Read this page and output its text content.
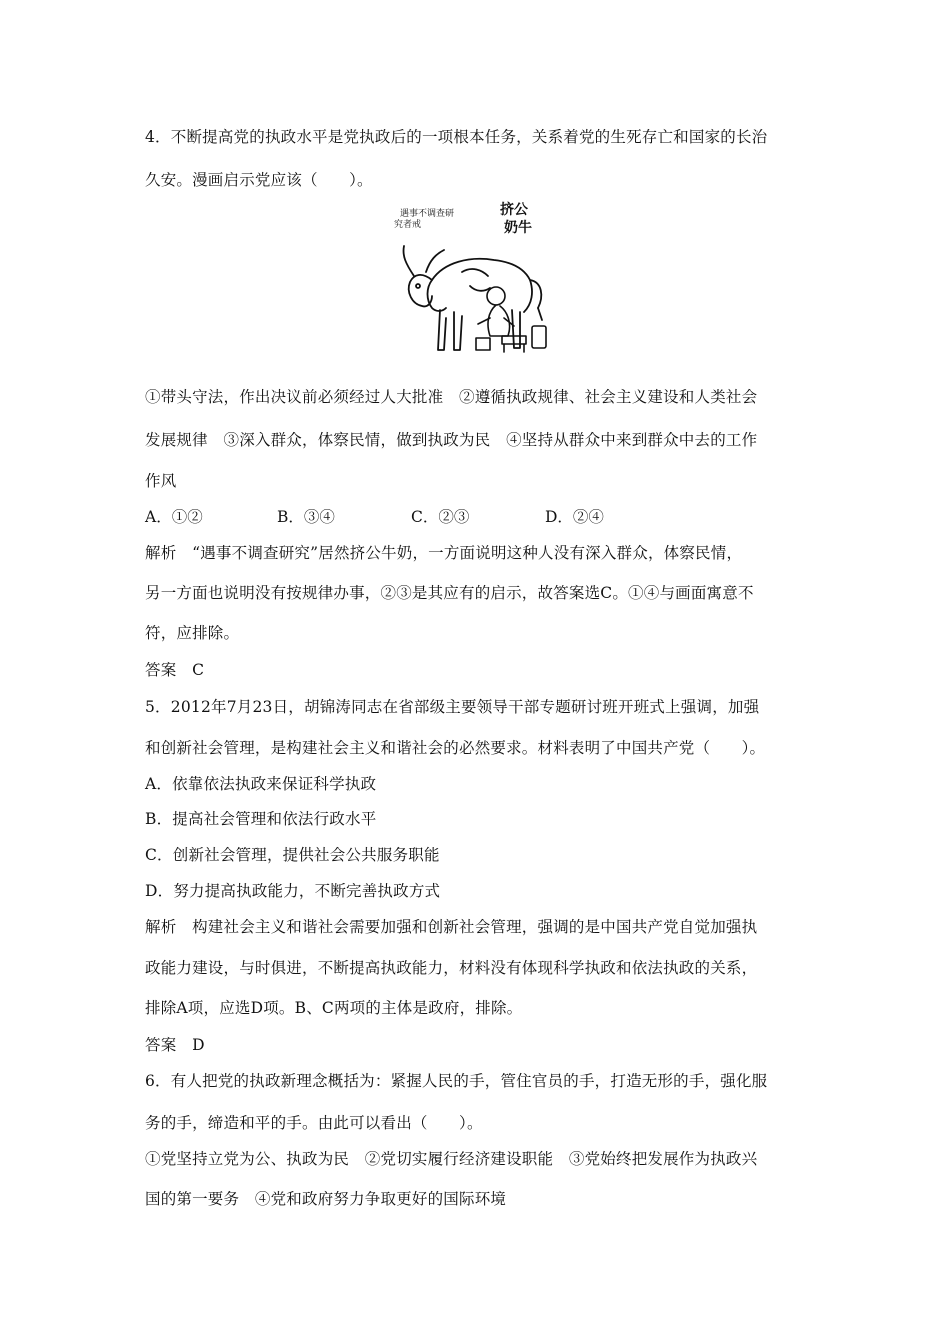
4．不断提高党的执政水平是党执政后的一项根本任务，关系着党的生死存亡和国家的长治
久安。漫画启示党应该（　　）。
遇事不调查研
究者戒
挤公
奶牛
①带头守法，作出决议前必须经过人大批准　②遵循执政规律、社会主义建设和人类社会
发展规律　③深入群众，体察民情，做到执政为民　④坚持从群众中来到群众中去的工作
作风
A．①②	B．③④	C．②③	D．②④
解析　“遇事不调查研究”居然挤公牛奶，一方面说明这种人没有深入群众，体察民情，
另一方面也说明没有按规律办事，②③是其应有的启示，故答案选C。①④与画面寓意不
符，应排除。
答案　C
5．2012年7月23日，胡锦涛同志在省部级主要领导干部专题研讨班开班式上强调，加强
和创新社会管理，是构建社会主义和谐社会的必然要求。材料表明了中国共产党（　　）。
A．依靠依法执政来保证科学执政
B．提高社会管理和依法行政水平
C．创新社会管理，提供社会公共服务职能
D．努力提高执政能力，不断完善执政方式
解析　构建社会主义和谐社会需要加强和创新社会管理，强调的是中国共产党自觉加强执
政能力建设，与时俱进，不断提高执政能力，材料没有体现科学执政和依法执政的关系，
排除A项，应选D项。B、C两项的主体是政府，排除。
答案　D
6．有人把党的执政新理念概括为：紧握人民的手，管住官员的手，打造无形的手，强化服
务的手，缔造和平的手。由此可以看出（　　）。
①党坚持立党为公、执政为民　②党切实履行经济建设职能　③党始终把发展作为执政兴
国的第一要务　④党和政府努力争取更好的国际环境
